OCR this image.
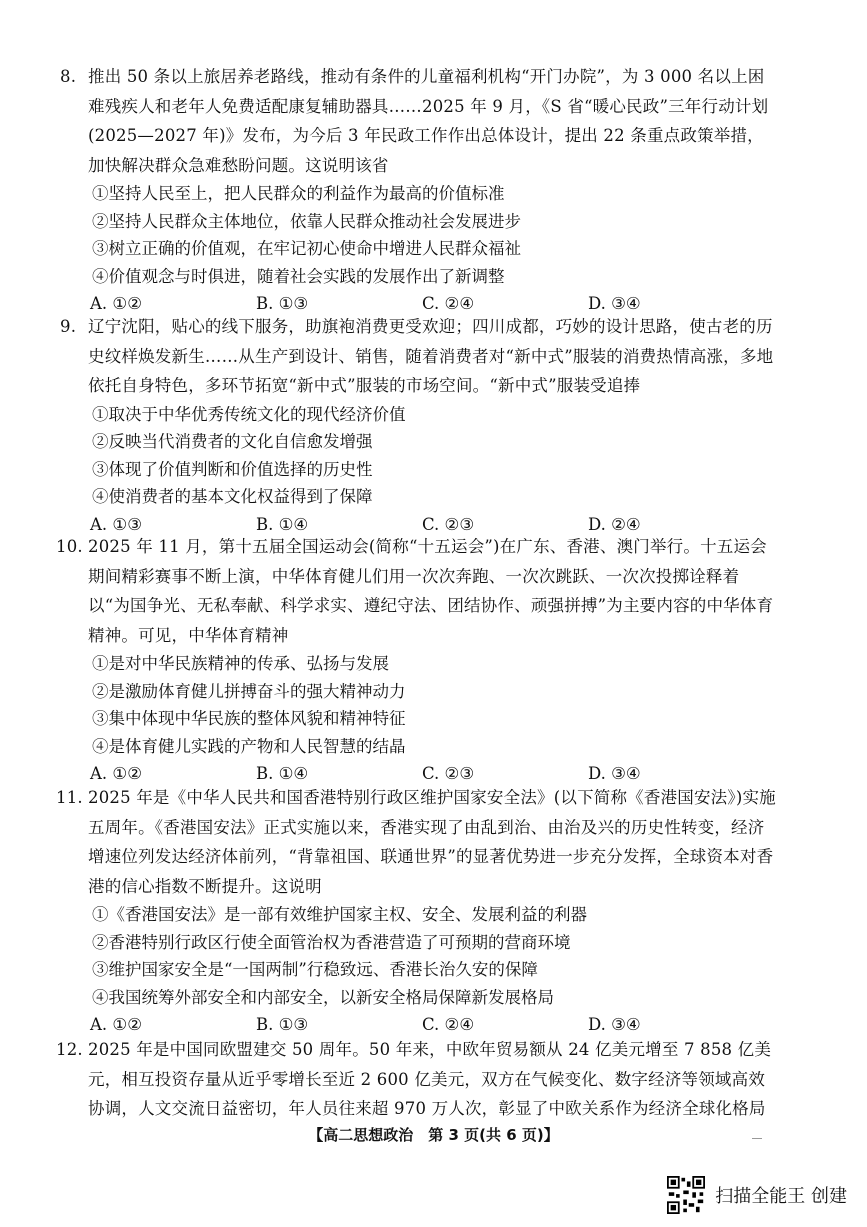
8. 推出 50 条以上旅居养老路线，推动有条件的儿童福利机构“开门办院”，为 3 000 名以上困难残疾人和老年人免费适配康复辅助器具……2025 年 9 月，《S 省“暖心民政”三年行动计划(2025—2027 年)》发布，为今后 3 年民政工作作出总体设计，提出 22 条重点政策举措，加快解决群众急难愁盼问题。这说明该省

①坚持人民至上，把人民群众的利益作为最高的价值标准

②坚持人民群众主体地位，依靠人民群众推动社会发展进步

③树立正确的价值观，在牢记初心使命中增进人民群众福祉

④价值观念与时俱进，随着社会实践的发展作出了新调整

A. ①②	B. ①③	C. ②④	D. ③④

9. 辽宁沈阳，贴心的线下服务，助旗袍消费更受欢迎；四川成都，巧妙的设计思路，使古老的历史纹样焕发新生……从生产到设计、销售，随着消费者对“新中式”服装的消费热情高涨，多地依托自身特色，多环节拓宽“新中式”服装的市场空间。“新中式”服装受追捧

①取决于中华优秀传统文化的现代经济价值

②反映当代消费者的文化自信愈发增强

③体现了价值判断和价值选择的历史性

④使消费者的基本文化权益得到了保障

A. ①③	B. ①④	C. ②③	D. ②④

10. 2025 年 11 月，第十五届全国运动会(简称“十五运会”)在广东、香港、澳门举行。十五运会期间精彩赛事不断上演，中华体育健儿们用一次次奔跑、一次次跳跃、一次次投掷诠释着以“为国争光、无私奉献、科学求实、遵纪守法、团结协作、顽强拼搏”为主要内容的中华体育精神。可见，中华体育精神

①是对中华民族精神的传承、弘扬与发展

②是激励体育健儿拼搏奋斗的强大精神动力

③集中体现中华民族的整体风貌和精神特征

④是体育健儿实践的产物和人民智慧的结晶

A. ①②	B. ①④	C. ②③	D. ③④

11. 2025 年是《中华人民共和国香港特别行政区维护国家安全法》(以下简称《香港国安法》)实施五周年。《香港国安法》正式实施以来，香港实现了由乱到治、由治及兴的历史性转变，经济增速位列发达经济体前列，“背靠祖国、联通世界”的显著优势进一步充分发挥，全球资本对香港的信心指数不断提升。这说明

①《香港国安法》是一部有效维护国家主权、安全、发展利益的利器

②香港特别行政区行使全面管治权为香港营造了可预期的营商环境

③维护国家安全是“一国两制”行稳致远、香港长治久安的保障

④我国统筹外部安全和内部安全，以新安全格局保障新发展格局

A. ①②	B. ①③	C. ②④	D. ③④

12. 2025 年是中国同欧盟建交 50 周年。50 年来，中欧年贸易额从 24 亿美元增至 7 858 亿美元，相互投资存量从近乎零增长至近 2 600 亿美元，双方在气候变化、数字经济等领域高效协调，人文交流日益密切，年人员往来超 970 万人次，彰显了中欧关系作为经济全球化格局

【高二思想政治　第 3 页(共 6 页)】
扫描全能王 创建
